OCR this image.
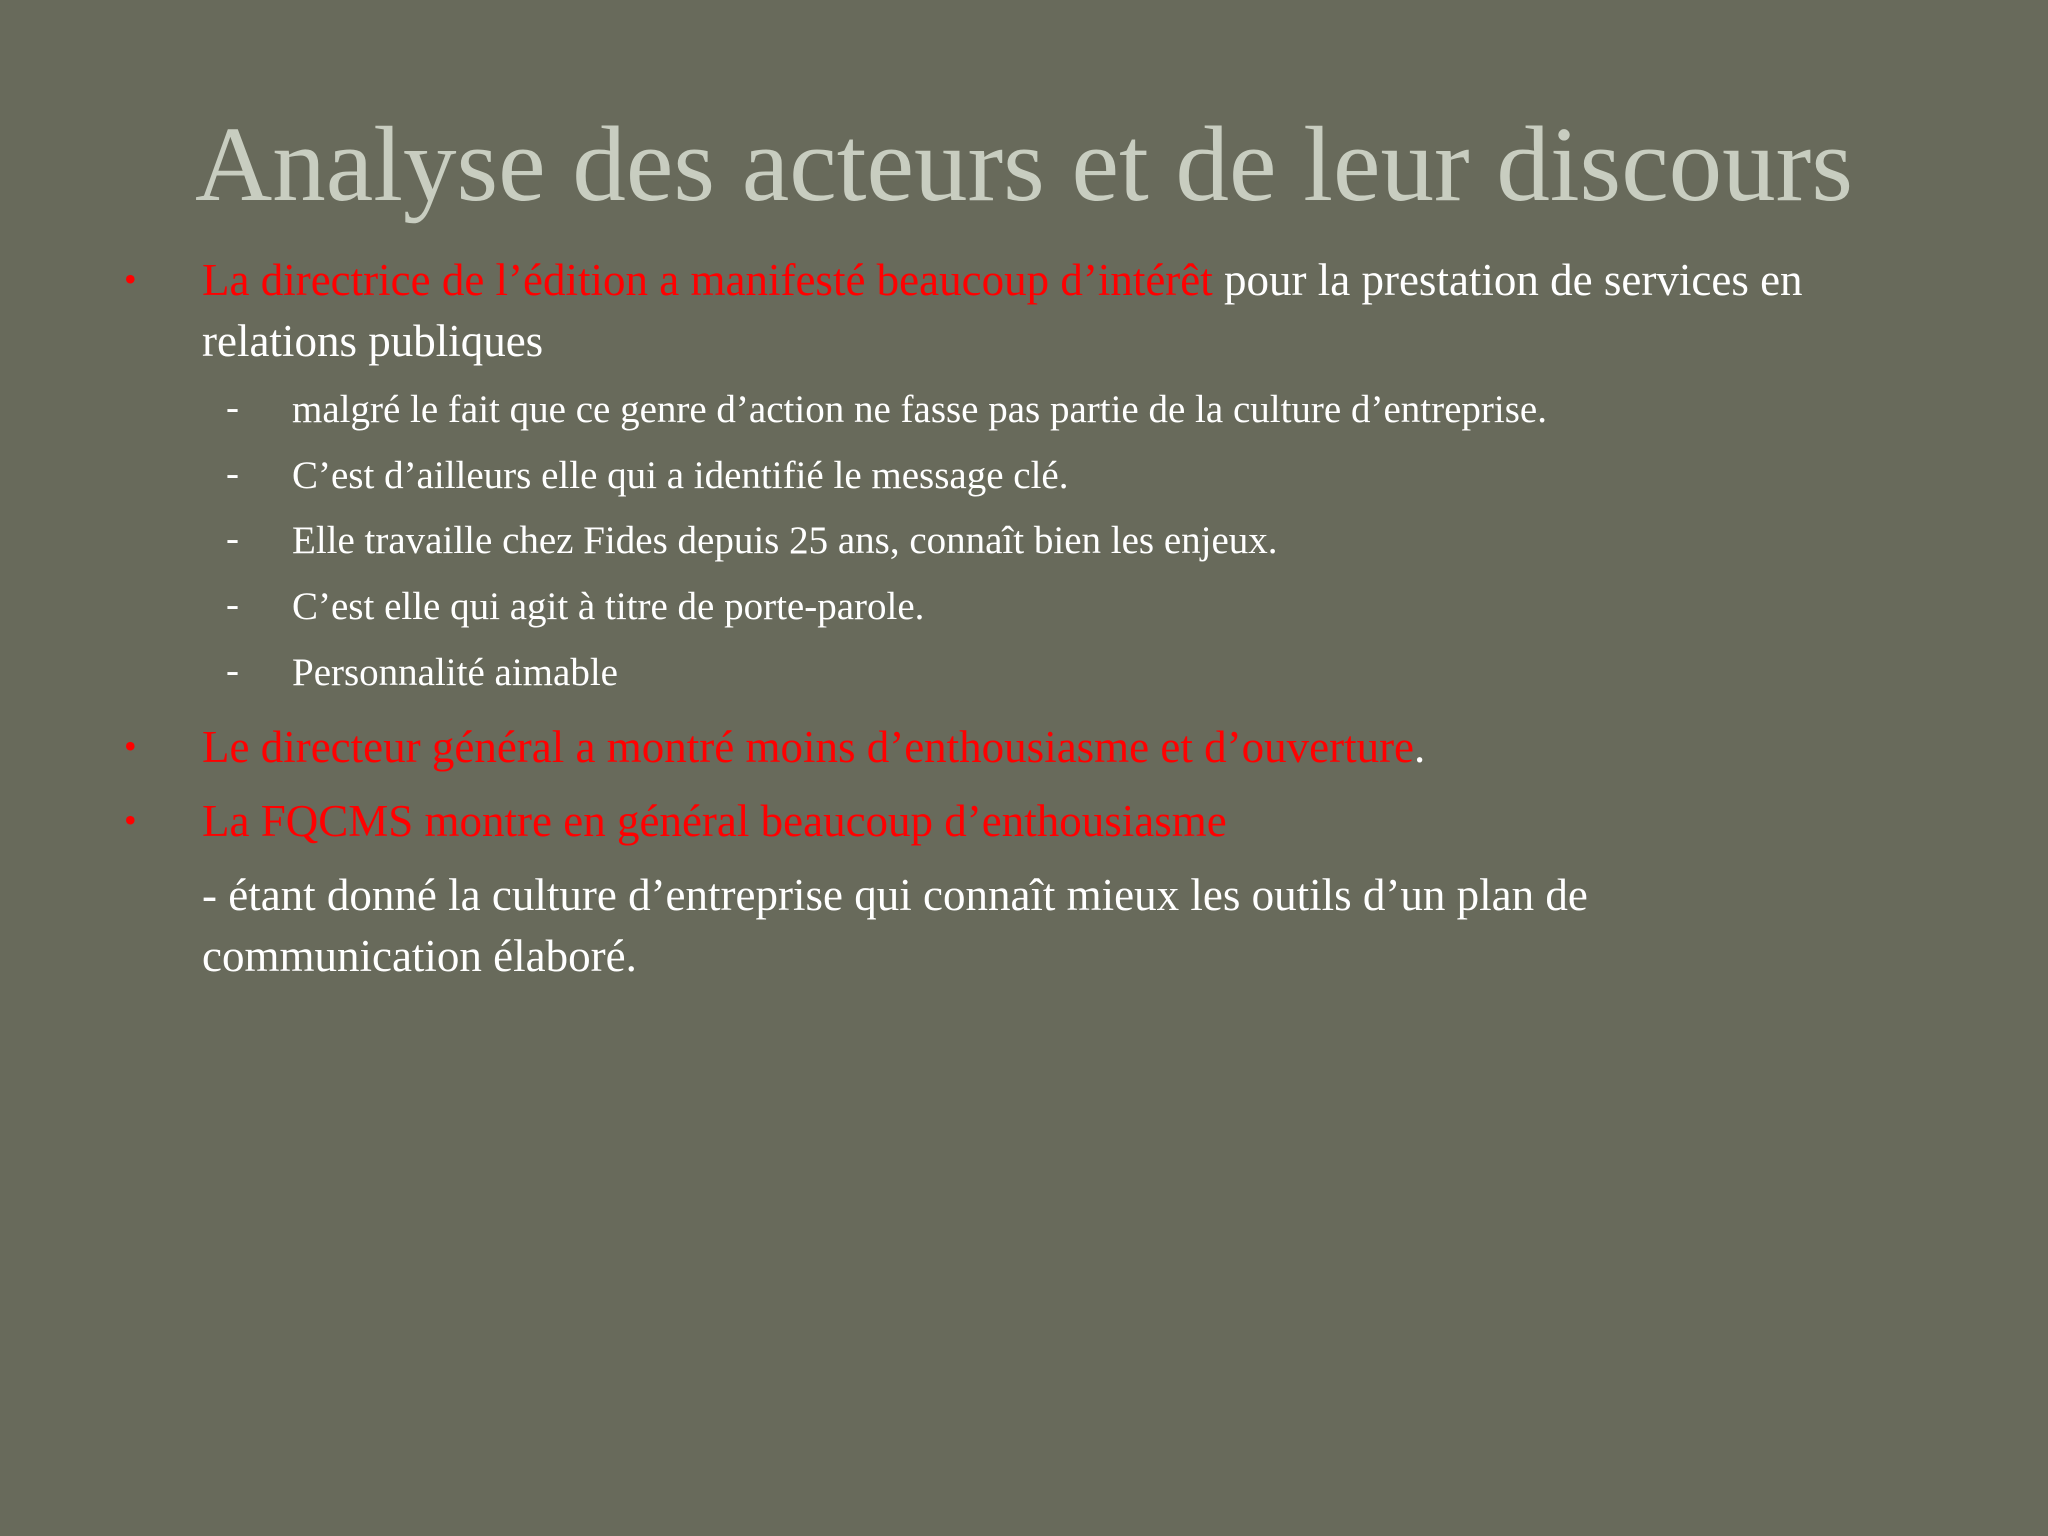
Analyse des acteurs et de leur discours
• La directrice de l’édition a manifesté beaucoup d’intérêt pour la prestation de services en relations publiques
- malgré le fait que ce genre d’action ne fasse pas partie de la culture d’entreprise.
- C’est d’ailleurs elle qui a identifié le message clé.
- Elle travaille chez Fides depuis 25 ans, connaît bien les enjeux.
- C’est elle qui agit à titre de porte-parole.
- Personnalité aimable
• Le directeur général a montré moins d’enthousiasme et d’ouverture.
• La FQCMS montre en général beaucoup d’enthousiasme
- étant donné la culture d’entreprise qui connaît mieux les outils d’un plan de communication élaboré.
